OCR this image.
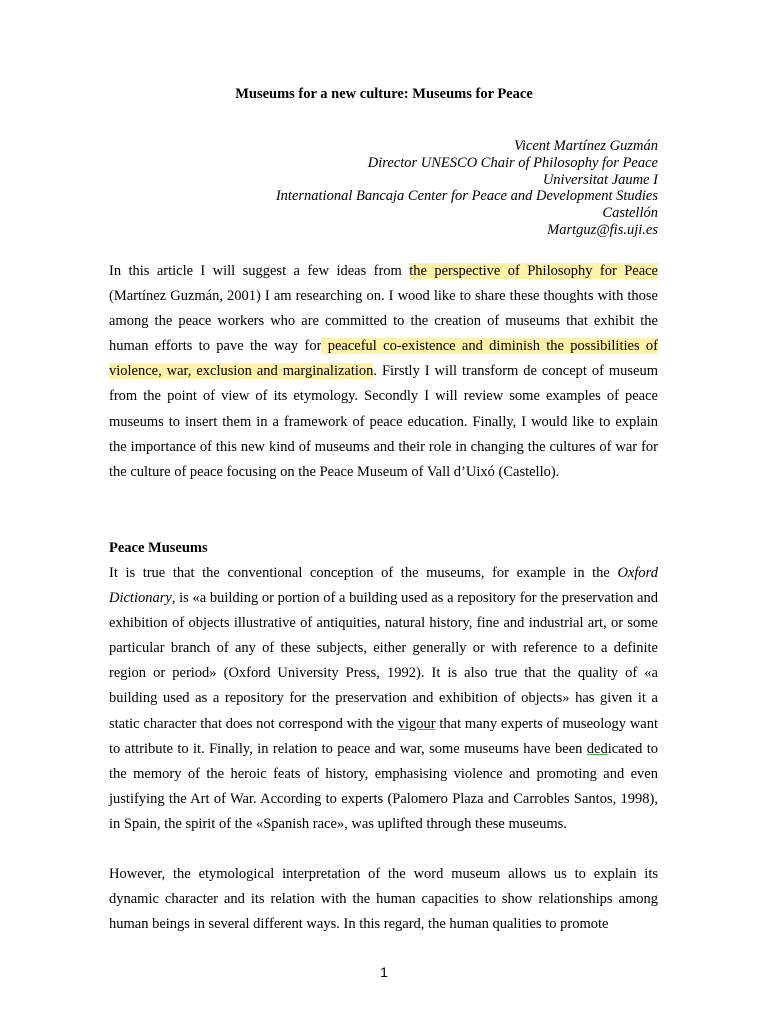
Museums for a new culture: Museums for Peace
Vicent Martínez Guzmán
Director UNESCO Chair of Philosophy for Peace
Universitat Jaume I
International Bancaja Center for Peace and Development Studies
Castellón
Martguz@fis.uji.es

In this article I will suggest a few ideas from the perspective of Philosophy for Peace (Martínez Guzmán, 2001) I am researching on. I wood like to share these thoughts with those among the peace workers who are committed to the creation of museums that exhibit the human efforts to pave the way for peaceful co-existence and diminish the possibilities of violence, war, exclusion and marginalization. Firstly I will transform de concept of museum from the point of view of its etymology. Secondly I will review some examples of peace museums to insert them in a framework of peace education. Finally, I would like to explain the importance of this new kind of museums and their role in changing the cultures of war for the culture of peace focusing on the Peace Museum of Vall d’Uixó (Castello).

Peace Museums

It is true that the conventional conception of the museums, for example in the Oxford Dictionary, is «a building or portion of a building used as a repository for the preservation and exhibition of objects illustrative of antiquities, natural history, fine and industrial art, or some particular branch of any of these subjects, either generally or with reference to a definite region or period» (Oxford University Press, 1992). It is also true that the quality of «a building used as a repository for the preservation and exhibition of objects» has given it a static character that does not correspond with the vigour that many experts of museology want to attribute to it. Finally, in relation to peace and war, some museums have been dedicated to the memory of the heroic feats of history, emphasising violence and promoting and even justifying the Art of War. According to experts (Palomero Plaza and Carrobles Santos, 1998), in Spain, the spirit of the «Spanish race», was uplifted through these museums.

However, the etymological interpretation of the word museum allows us to explain its dynamic character and its relation with the human capacities to show relationships among human beings in several different ways. In this regard, the human qualities to promote

1
